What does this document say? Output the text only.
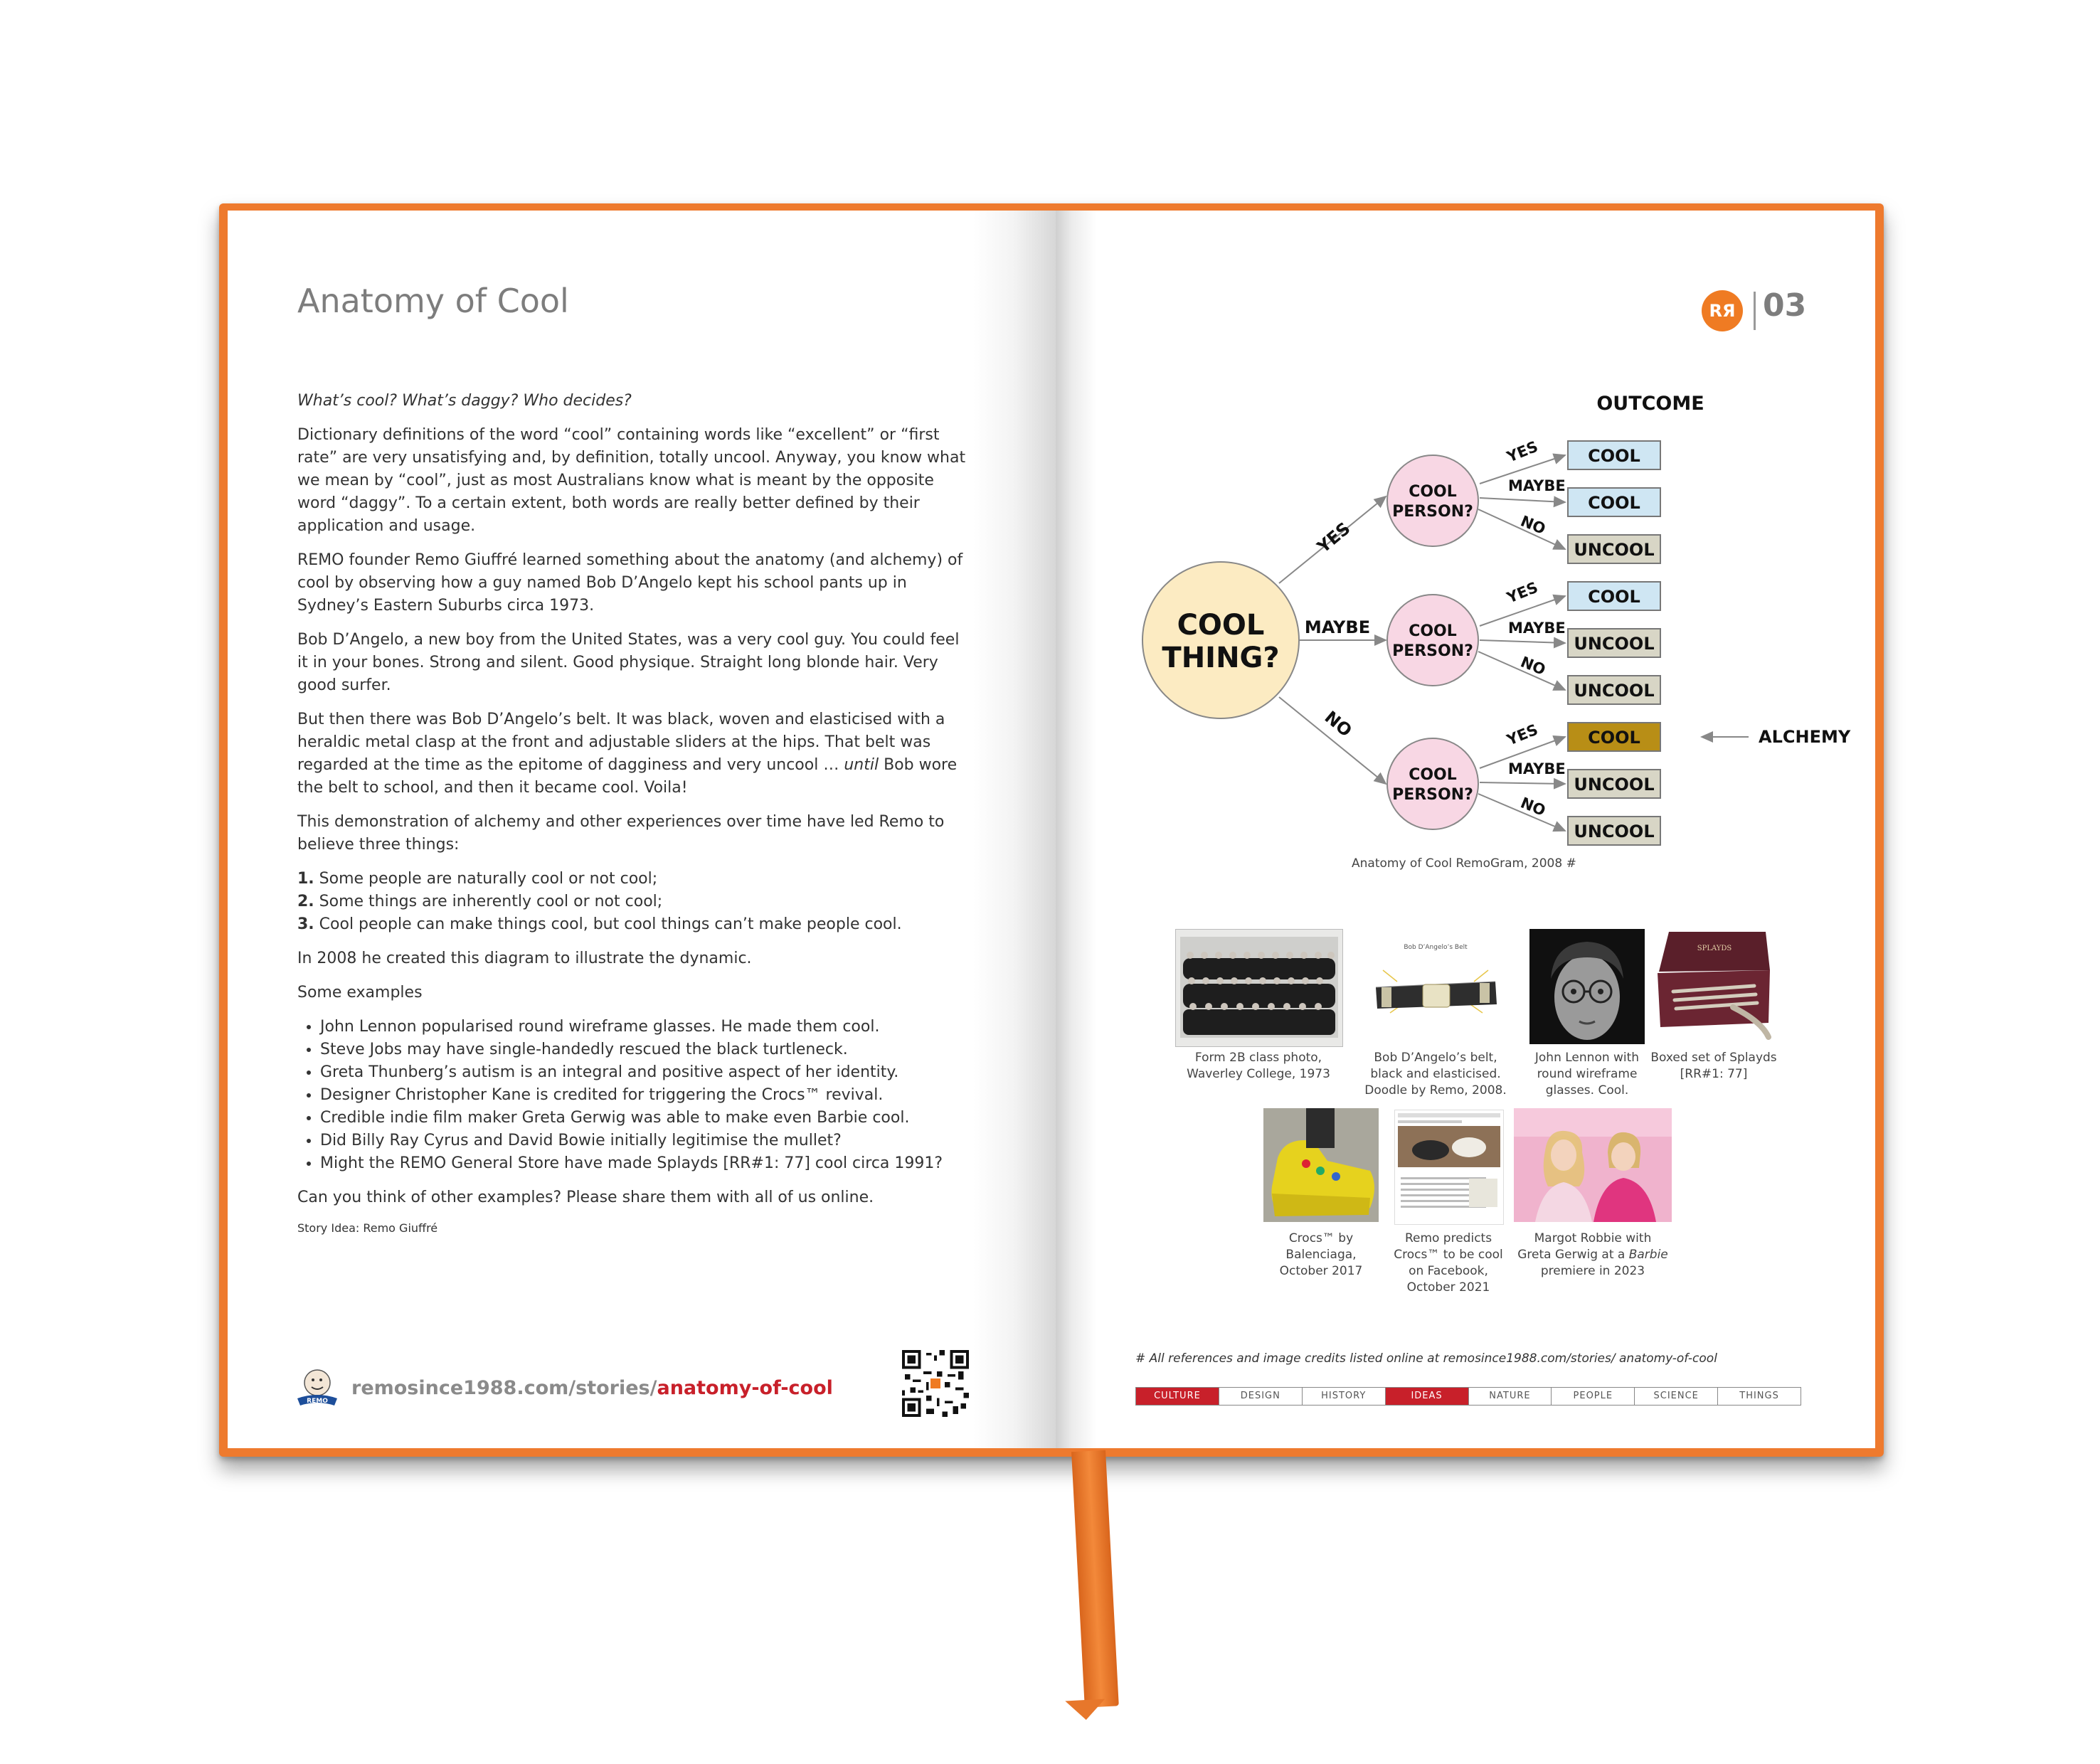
Anatomy of Cool

What’s cool? What’s daggy? Who decides?

Dictionary definitions of the word “cool” containing words like “excellent” or “first rate” are very unsatisfying and, by definition, totally uncool. Anyway, you know what we mean by “cool”, just as most Australians know what is meant by the opposite word “daggy”. To a certain extent, both words are really better defined by their application and usage.

REMO founder Remo Giuffré learned something about the anatomy (and alchemy) of cool by observing how a guy named Bob D’Angelo kept his school pants up in Sydney’s Eastern Suburbs circa 1973.

Bob D’Angelo, a new boy from the United States, was a very cool guy. You could feel it in your bones. Strong and silent. Good physique. Straight long blonde hair. Very good surfer.

But then there was Bob D’Angelo’s belt. It was black, woven and elasticised with a heraldic metal clasp at the front and adjustable sliders at the hips. That belt was regarded at the time as the epitome of dagginess and very uncool … until Bob wore the belt to school, and then it became cool. Voila!

This demonstration of alchemy and other experiences over time have led Remo to believe three things:

1. Some people are naturally cool or not cool;
2. Some things are inherently cool or not cool;
3. Cool people can make things cool, but cool things can’t make people cool.

In 2008 he created this diagram to illustrate the dynamic.

Some examples

• John Lennon popularised round wireframe glasses. He made them cool.
• Steve Jobs may have single-handedly rescued the black turtleneck.
• Greta Thunberg’s autism is an integral and positive aspect of her identity.
• Designer Christopher Kane is credited for triggering the Crocs™ revival.
• Credible indie film maker Greta Gerwig was able to make even Barbie cool.
• Did Billy Ray Cyrus and David Bowie initially legitimise the mullet?
• Might the REMO General Store have made Splayds [RR#1: 77] cool circa 1991?

Can you think of other examples? Please share them with all of us online.

Story Idea: Remo Giuffré

REMO
remosince1988.com/stories/anatomy-of-cool
RЯ 03
OUTCOME
COOL
THING?
YES
MAYBE
NO
COOL
PERSON?
COOL
PERSON?
COOL
PERSON?
YES
MAYBE
NO
YES
MAYBE
NO
YES
MAYBE
NO
COOL
COOL
UNCOOL
COOL
UNCOOL
UNCOOL
COOL
UNCOOL
UNCOOL
ALCHEMY
Anatomy of Cool RemoGram, 2008 #
Form 2B class photo,
Waverley College, 1973
Bob D’Angelo’s Belt
Bob D’Angelo’s belt,
black and elasticised.
Doodle by Remo, 2008.
John Lennon with
round wireframe
glasses. Cool.
SPLAYDS
Boxed set of Splayds
[RR#1: 77]
Crocs™ by
Balenciaga,
October 2017
Remo predicts
Crocs™ to be cool
on Facebook,
October 2021
Margot Robbie with
Greta Gerwig at a Barbie
premiere in 2023
# All references and image credits listed online at remosince1988.com/stories/ anatomy-of-cool
CULTURE	DESIGN	HISTORY	IDEAS	NATURE	PEOPLE	SCIENCE	THINGS
